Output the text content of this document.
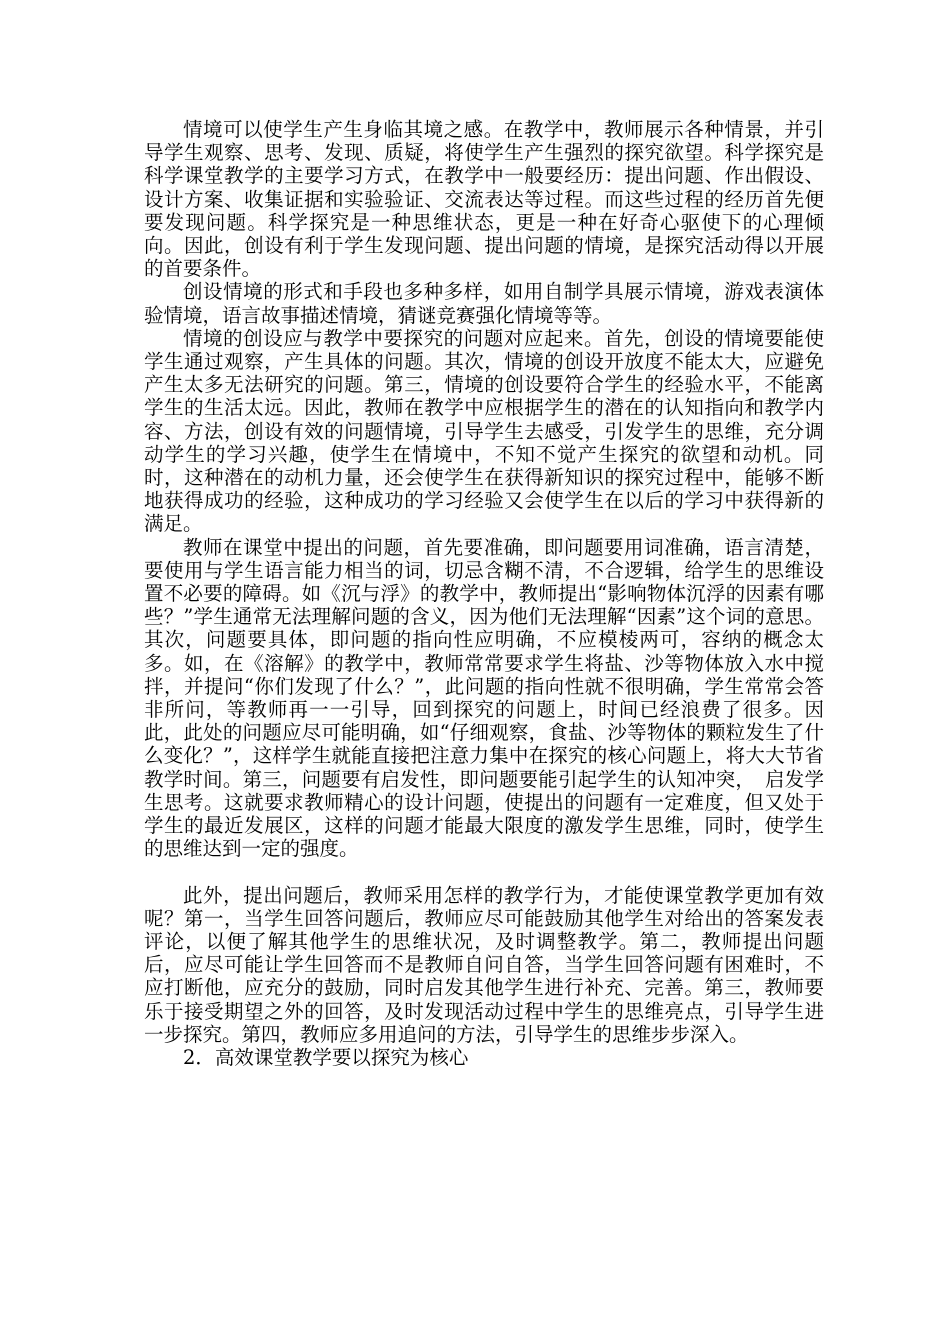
情境可以使学生产生身临其境之感。在教学中，教师展示各种情景，并引导学生观察、思考、发现、质疑，将使学生产生强烈的探究欲望。科学探究是科学课堂教学的主要学习方式，在教学中一般要经历：提出问题、作出假设、设计方案、收集证据和实验验证、交流表达等过程。而这些过程的经历首先便要发现问题。科学探究是一种思维状态，更是一种在好奇心驱使下的心理倾向。因此，创设有利于学生发现问题、提出问题的情境，是探究活动得以开展的首要条件。

创设情境的形式和手段也多种多样，如用自制学具展示情境，游戏表演体验情境，语言故事描述情境，猜谜竞赛强化情境等等。

情境的创设应与教学中要探究的问题对应起来。首先，创设的情境要能使学生通过观察，产生具体的问题。其次，情境的创设开放度不能太大，应避免产生太多无法研究的问题。第三，情境的创设要符合学生的经验水平，不能离学生的生活太远。因此，教师在教学中应根据学生的潜在的认知指向和教学内容、方法，创设有效的问题情境，引导学生去感受，引发学生的思维，充分调动学生的学习兴趣，使学生在情境中，不知不觉产生探究的欲望和动机。同时，这种潜在的动机力量，还会使学生在获得新知识的探究过程中，能够不断地获得成功的经验，这种成功的学习经验又会使学生在以后的学习中获得新的满足。

教师在课堂中提出的问题，首先要准确，即问题要用词准确，语言清楚，要使用与学生语言能力相当的词，切忌含糊不清，不合逻辑，给学生的思维设置不必要的障碍。如《沉与浮》的教学中，教师提出“影响物体沉浮的因素有哪些？”学生通常无法理解问题的含义，因为他们无法理解“因素”这个词的意思。其次，问题要具体，即问题的指向性应明确，不应模棱两可，容纳的概念太多。如，在《溶解》的教学中，教师常常要求学生将盐、沙等物体放入水中搅拌，并提问“你们发现了什么？”，此问题的指向性就不很明确，学生常常会答非所问，等教师再一一引导，回到探究的问题上，时间已经浪费了很多。因此，此处的问题应尽可能明确，如“仔细观察，食盐、沙等物体的颗粒发生了什么变化？”，这样学生就能直接把注意力集中在探究的核心问题上，将大大节省教学时间。第三，问题要有启发性，即问题要能引起学生的认知冲突，　启发学生思考。这就要求教师精心的设计问题，使提出的问题有一定难度，但又处于学生的最近发展区，这样的问题才能最大限度的激发学生思维，同时，使学生的思维达到一定的强度。

此外，提出问题后，教师采用怎样的教学行为，才能使课堂教学更加有效呢？第一，当学生回答问题后，教师应尽可能鼓励其他学生对给出的答案发表评论，以便了解其他学生的思维状况，及时调整教学。第二，教师提出问题后，应尽可能让学生回答而不是教师自问自答，当学生回答问题有困难时，不应打断他，应充分的鼓励，同时启发其他学生进行补充、完善。第三，教师要乐于接受期望之外的回答，及时发现活动过程中学生的思维亮点，引导学生进一步探究。第四，教师应多用追问的方法，引导学生的思维步步深入。

2．高效课堂教学要以探究为核心
